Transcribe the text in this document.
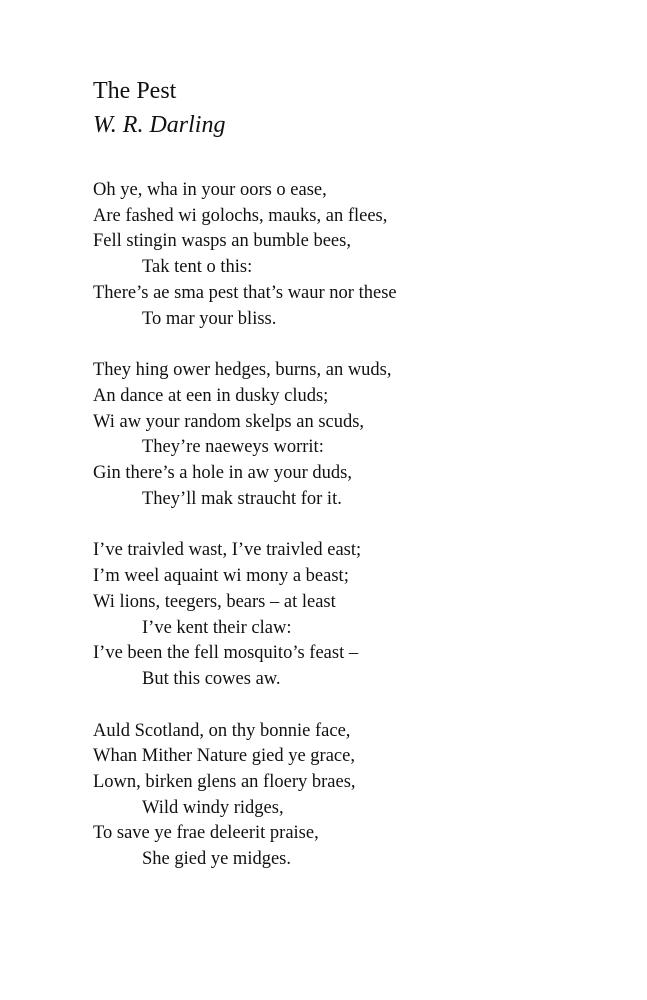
The Pest
W. R. Darling
Oh ye, wha in your oors o ease,
Are fashed wi golochs, mauks, an flees,
Fell stingin wasps an bumble bees,
Tak tent o this:
There’s ae sma pest that’s waur nor these
To mar your bliss.
They hing ower hedges, burns, an wuds,
An dance at een in dusky cluds;
Wi aw your random skelps an scuds,
They’re naeweys worrit:
Gin there’s a hole in aw your duds,
They’ll mak straucht for it.
I’ve traivled wast, I’ve traivled east;
I’m weel aquaint wi mony a beast;
Wi lions, teegers, bears – at least
I’ve kent their claw:
I’ve been the fell mosquito’s feast –
But this cowes aw.
Auld Scotland, on thy bonnie face,
Whan Mither Nature gied ye grace,
Lown, birken glens an floery braes,
Wild windy ridges,
To save ye frae deleerit praise,
She gied ye midges.
